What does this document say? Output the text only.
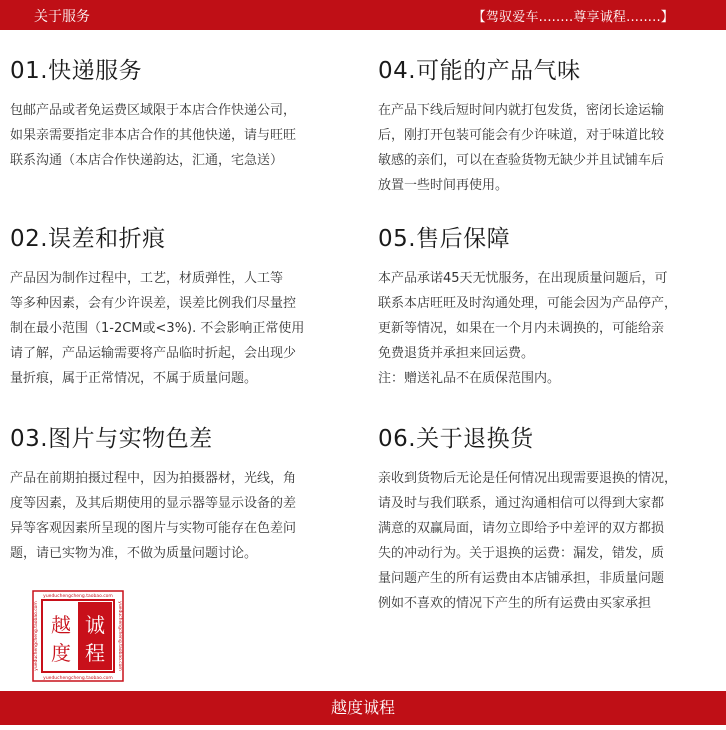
关于服务	【驾驭爱车........尊享诚程........】
01.快递服务

包邮产品或者免运费区域限于本店合作快递公司，
如果亲需要指定非本店合作的其他快递，请与旺旺
联系沟通（本店合作快递韵达，汇通，宅急送）

02.误差和折痕

产品因为制作过程中，工艺，材质弹性，人工等
等多种因素，会有少许误差，误差比例我们尽量控
制在最小范围（1-2CM或<3%). 不会影响正常使用
请了解，产品运输需要将产品临时折起，会出现少
量折痕，属于正常情况，不属于质量问题。

03.图片与实物色差

产品在前期拍摄过程中，因为拍摄器材，光线，角
度等因素，及其后期使用的显示器等显示设备的差
异等客观因素所呈现的图片与实物可能存在色差问
题，请已实物为准，不做为质量问题讨论。

04.可能的产品气味

在产品下线后短时间内就打包发货，密闭长途运输
后，刚打开包装可能会有少许味道，对于味道比较
敏感的亲们，可以在查验货物无缺少并且试铺车后
放置一些时间再使用。

05.售后保障

本产品承诺45天无忧服务，在出现质量问题后，可
联系本店旺旺及时沟通处理，可能会因为产品停产，
更新等情况，如果在一个月内未调换的，可能给亲
免费退货并承担来回运费。

注：赠送礼品不在质保范围内。

06.关于退换货

亲收到货物后无论是任何情况出现需要退换的情况，
请及时与我们联系，通过沟通相信可以得到大家都
满意的双赢局面，请勿立即给予中差评的双方都损
失的冲动行为。关于退换的运费：漏发，错发，质
量问题产生的所有运费由本店铺承担，非质量问题
例如不喜欢的情况下产生的所有运费由买家承担

yueduchengcheng.taobao.com
yueduchengcheng.taobao.com
yueduchengcheng.taobao.com	yueduchengcheng.taobao.com
越
度
诚
程
越度诚程
